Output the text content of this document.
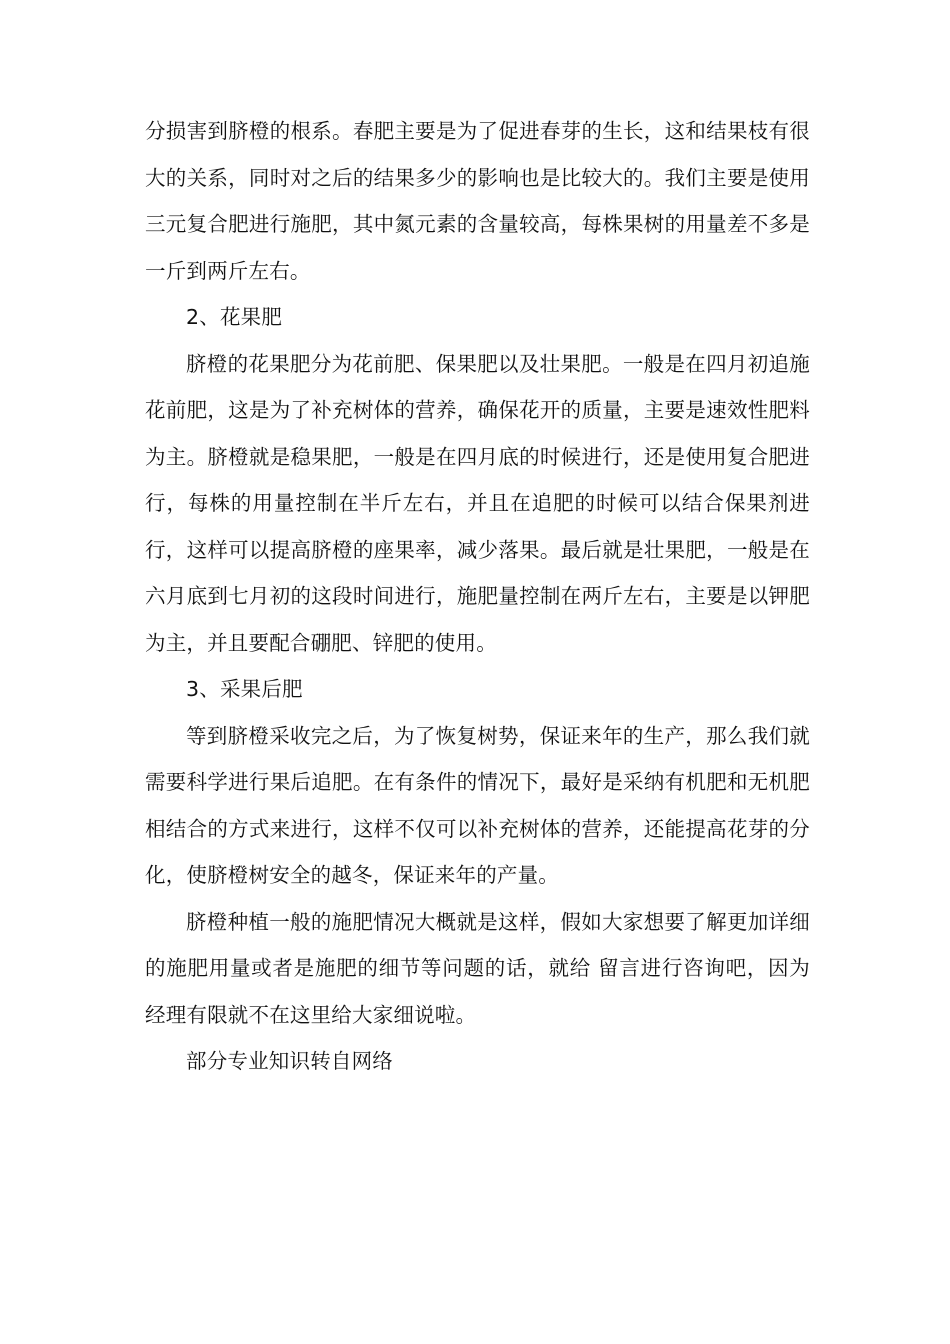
分损害到脐橙的根系。春肥主要是为了促进春芽的生长，这和结果枝有很大的关系，同时对之后的结果多少的影响也是比较大的。我们主要是使用三元复合肥进行施肥，其中氮元素的含量较高，每株果树的用量差不多是一斤到两斤左右。

2、花果肥

脐橙的花果肥分为花前肥、保果肥以及壮果肥。一般是在四月初追施花前肥，这是为了补充树体的营养，确保花开的质量，主要是速效性肥料为主。脐橙就是稳果肥，一般是在四月底的时候进行，还是使用复合肥进行，每株的用量控制在半斤左右，并且在追肥的时候可以结合保果剂进行，这样可以提高脐橙的座果率，减少落果。最后就是壮果肥，一般是在六月底到七月初的这段时间进行，施肥量控制在两斤左右，主要是以钾肥为主，并且要配合硼肥、锌肥的使用。

3、采果后肥

等到脐橙采收完之后，为了恢复树势，保证来年的生产，那么我们就需要科学进行果后追肥。在有条件的情况下，最好是采纳有机肥和无机肥相结合的方式来进行，这样不仅可以补充树体的营养，还能提高花芽的分化，使脐橙树安全的越冬，保证来年的产量。

脐橙种植一般的施肥情况大概就是这样，假如大家想要了解更加详细的施肥用量或者是施肥的细节等问题的话，就给 留言进行咨询吧，因为 经理有限就不在这里给大家细说啦。

部分专业知识转自网络
